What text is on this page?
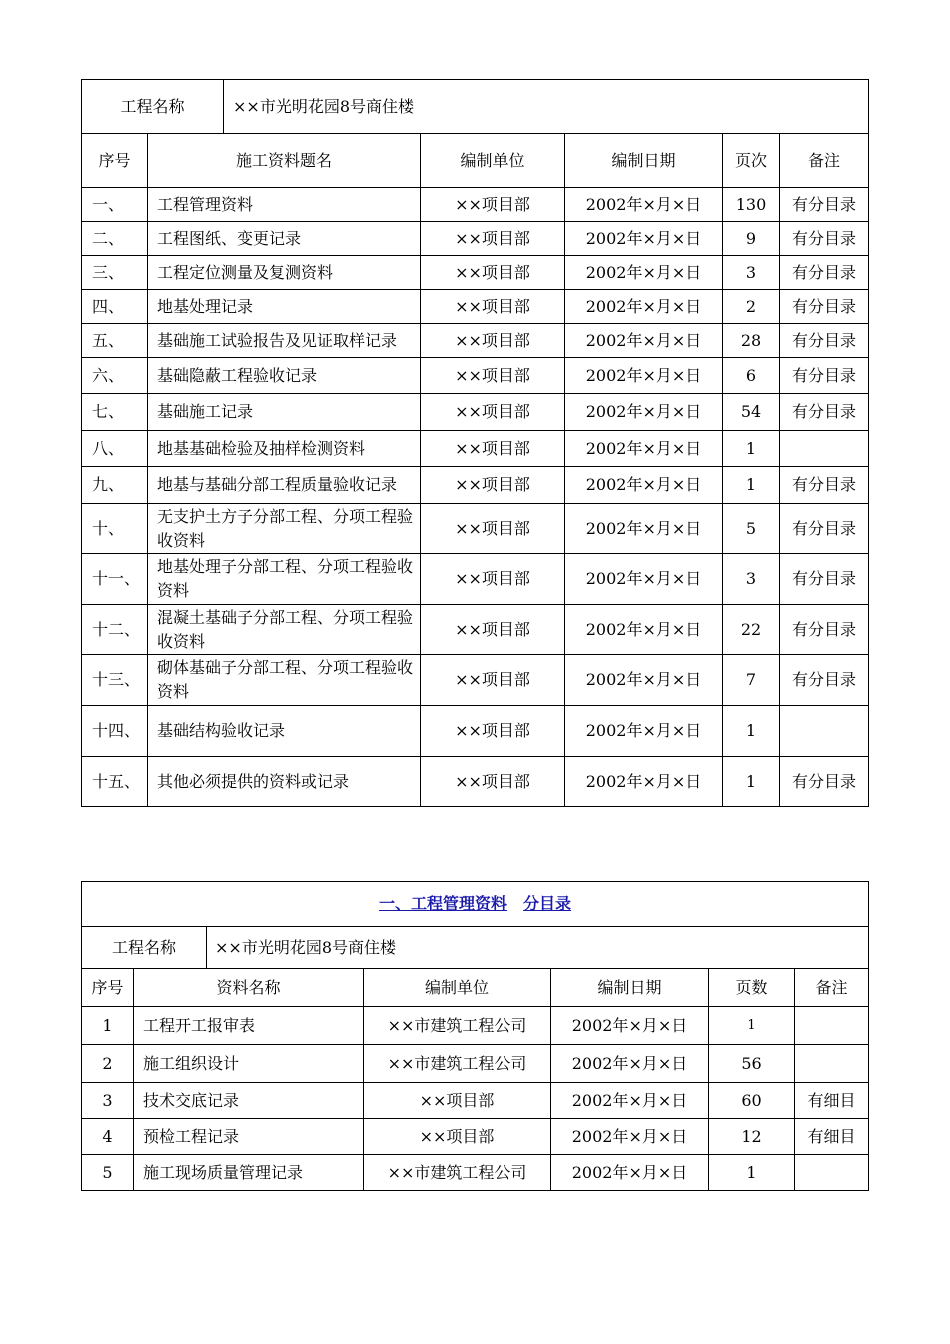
工程名称		××市光明花园8号商住楼				
序号	施工资料题名		编制单位	编制日期	页次	备注
一、	工程管理资料		××项目部	2002年×月×日	130	有分目录
二、	工程图纸、变更记录		××项目部	2002年×月×日	9	有分目录
三、	工程定位测量及复测资料		××项目部	2002年×月×日	3	有分目录
四、	地基处理记录		××项目部	2002年×月×日	2	有分目录
五、	基础施工试验报告及见证取样记录		××项目部	2002年×月×日	28	有分目录
六、	基础隐蔽工程验收记录		××项目部	2002年×月×日	6	有分目录
七、	基础施工记录		××项目部	2002年×月×日	54	有分目录
八、	地基基础检验及抽样检测资料		××项目部	2002年×月×日	1	
九、	地基与基础分部工程质量验收记录		××项目部	2002年×月×日	1	有分目录
十、	无支护土方子分部工程、分项工程验收资料		××项目部	2002年×月×日	5	有分目录
十一、	地基处理子分部工程、分项工程验收资料		××项目部	2002年×月×日	3	有分目录
十二、	混凝土基础子分部工程、分项工程验收资料		××项目部	2002年×月×日	22	有分目录
十三、	砌体基础子分部工程、分项工程验收资料		××项目部	2002年×月×日	7	有分目录
十四、	基础结构验收记录		××项目部	2002年×月×日	1	
十五、	其他必须提供的资料或记录		××项目部	2002年×月×日	1	有分目录
一、工程管理资料 分目录						
工程名称		××市光明花园8号商住楼				
序号	资料名称		编制单位	编制日期	页数	备注
1	工程开工报审表		××市建筑工程公司	2002年×月×日	1	
2	施工组织设计		××市建筑工程公司	2002年×月×日	56	
3	技术交底记录		××项目部	2002年×月×日	60	有细目
4	预检工程记录		××项目部	2002年×月×日	12	有细目
5	施工现场质量管理记录		××市建筑工程公司	2002年×月×日	1	
